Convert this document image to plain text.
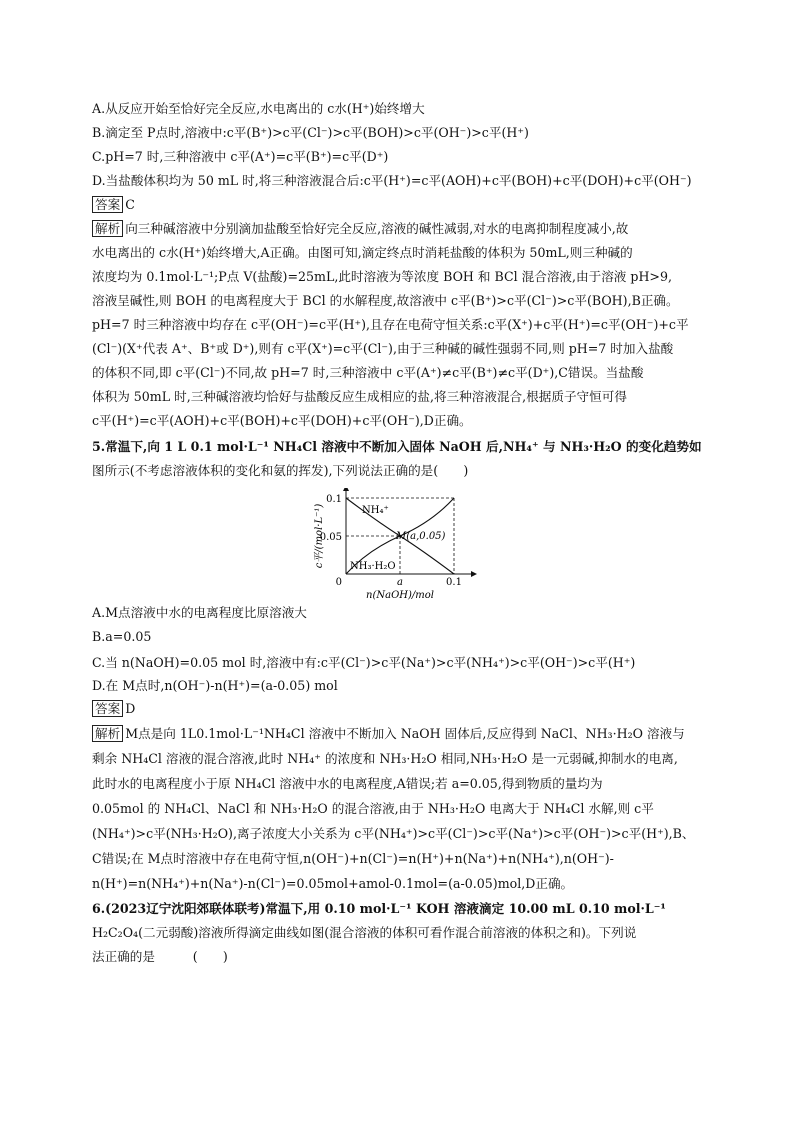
A.从反应开始至恰好完全反应,水电离出的 c水(H⁺)始终增大
B.滴定至 P点时,溶液中:c平(B⁺)>c平(Cl⁻)>c平(BOH)>c平(OH⁻)>c平(H⁺)
C.pH=7 时,三种溶液中 c平(A⁺)=c平(B⁺)=c平(D⁺)
D.当盐酸体积均为 50 mL 时,将三种溶液混合后:c平(H⁺)=c平(AOH)+c平(BOH)+c平(DOH)+c平(OH⁻)
答案 C
解析 向三种碱溶液中分别滴加盐酸至恰好完全反应,溶液的碱性减弱,对水的电离抑制程度减小,故
水电离出的 c水(H⁺)始终增大,A正确。由图可知,滴定终点时消耗盐酸的体积为 50mL,则三种碱的
浓度均为 0.1mol·L⁻¹;P点 V(盐酸)=25mL,此时溶液为等浓度 BOH 和 BCl 混合溶液,由于溶液 pH>9,
溶液呈碱性,则 BOH 的电离程度大于 BCl 的水解程度,故溶液中 c平(B⁺)>c平(Cl⁻)>c平(BOH),B正确。
pH=7 时三种溶液中均存在 c平(OH⁻)=c平(H⁺),且存在电荷守恒关系:c平(X⁺)+c平(H⁺)=c平(OH⁻)+c平
(Cl⁻)(X⁺代表 A⁺、B⁺或 D⁺),则有 c平(X⁺)=c平(Cl⁻),由于三种碱的碱性强弱不同,则 pH=7 时加入盐酸
的体积不同,即 c平(Cl⁻)不同,故 pH=7 时,三种溶液中 c平(A⁺)≠c平(B⁺)≠c平(D⁺),C错误。当盐酸
体积为 50mL 时,三种碱溶液均恰好与盐酸反应生成相应的盐,将三种溶液混合,根据质子守恒可得
c平(H⁺)=c平(AOH)+c平(BOH)+c平(DOH)+c平(OH⁻),D正确。
5.常温下,向 1 L 0.1 mol·L⁻¹ NH₄Cl 溶液中不断加入固体 NaOH 后,NH₄⁺ 与 NH₃·H₂O 的变化趋势如
图所示(不考虑溶液体积的变化和氨的挥发),下列说法正确的是(　　)
NH₄⁺
NH₃·H₂O
M(a,0.05)
0	a	0.1
0.1
0.05
n(NaOH)/mol
c平/(mol·L⁻¹)
A.M点溶液中水的电离程度比原溶液大
B.a=0.05
C.当 n(NaOH)=0.05 mol 时,溶液中有:c平(Cl⁻)>c平(Na⁺)>c平(NH₄⁺)>c平(OH⁻)>c平(H⁺)
D.在 M点时,n(OH⁻)-n(H⁺)=(a-0.05) mol
答案 D
解析 M点是向 1L0.1mol·L⁻¹NH₄Cl 溶液中不断加入 NaOH 固体后,反应得到 NaCl、NH₃·H₂O 溶液与
剩余 NH₄Cl 溶液的混合溶液,此时 NH₄⁺ 的浓度和 NH₃·H₂O 相同,NH₃·H₂O 是一元弱碱,抑制水的电离,
此时水的电离程度小于原 NH₄Cl 溶液中水的电离程度,A错误;若 a=0.05,得到物质的量均为
0.05mol 的 NH₄Cl、NaCl 和 NH₃·H₂O 的混合溶液,由于 NH₃·H₂O 电离大于 NH₄Cl 水解,则 c平
(NH₄⁺)>c平(NH₃·H₂O),离子浓度大小关系为 c平(NH₄⁺)>c平(Cl⁻)>c平(Na⁺)>c平(OH⁻)>c平(H⁺),B、
C错误;在 M点时溶液中存在电荷守恒,n(OH⁻)+n(Cl⁻)=n(H⁺)+n(Na⁺)+n(NH₄⁺),n(OH⁻)-
n(H⁺)=n(NH₄⁺)+n(Na⁺)-n(Cl⁻)=0.05mol+amol-0.1mol=(a-0.05)mol,D正确。
6.(2023辽宁沈阳郊联体联考)常温下,用 0.10 mol·L⁻¹ KOH 溶液滴定 10.00 mL 0.10 mol·L⁻¹
H₂C₂O₄(二元弱酸)溶液所得滴定曲线如图(混合溶液的体积可看作混合前溶液的体积之和)。下列说
法正确的是　　　(　　)
